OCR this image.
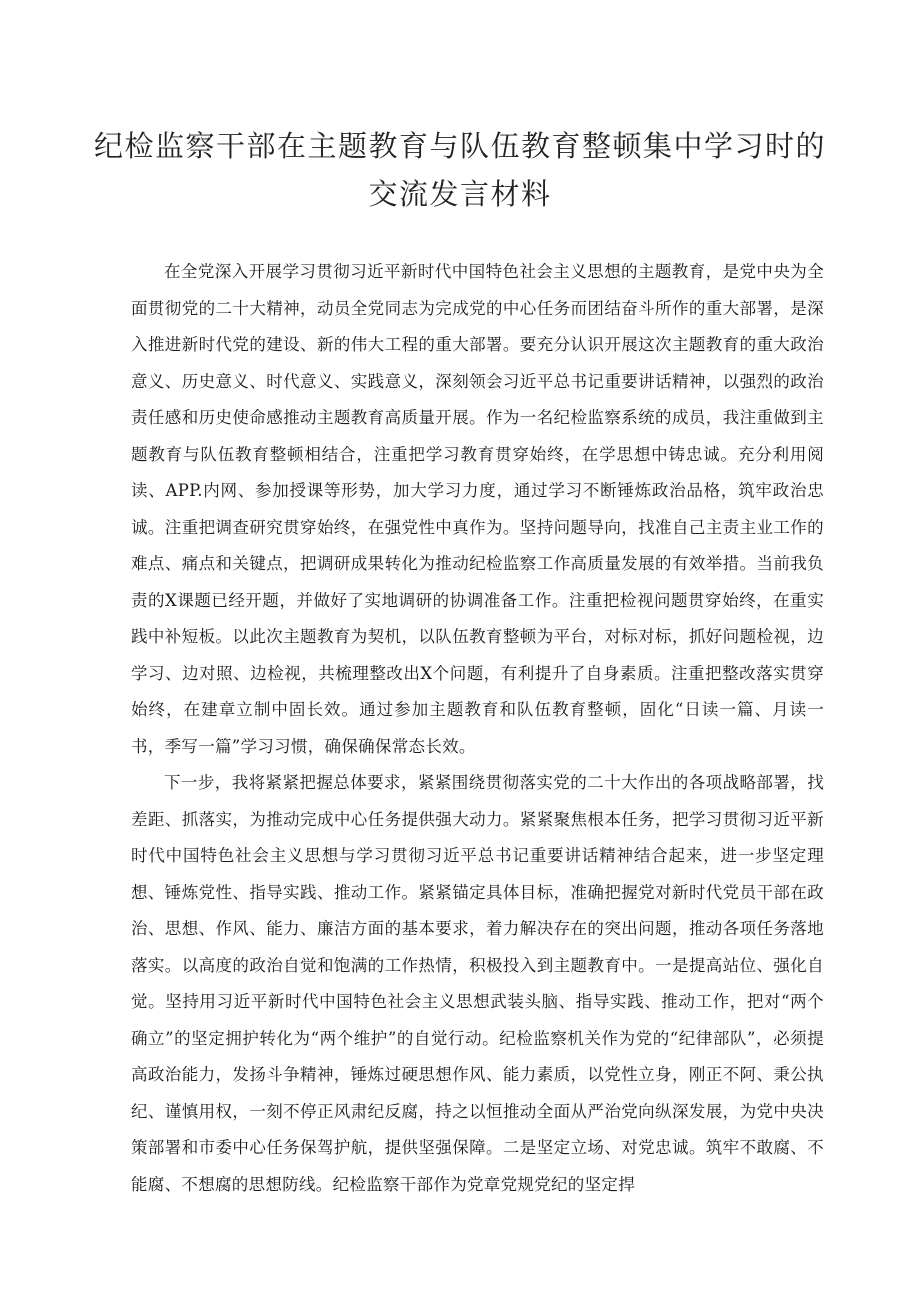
纪检监察干部在主题教育与队伍教育整顿集中学习时的
交流发言材料

在全党深入开展学习贯彻习近平新时代中国特色社会主义思想的主题教育，是党中央为全面贯彻党的二十大精神，动员全党同志为完成党的中心任务而团结奋斗所作的重大部署，是深入推进新时代党的建设、新的伟大工程的重大部署。要充分认识开展这次主题教育的重大政治意义、历史意义、时代意义、实践意义，深刻领会习近平总书记重要讲话精神，以强烈的政治责任感和历史使命感推动主题教育高质量开展。作为一名纪检监察系统的成员，我注重做到主题教育与队伍教育整顿相结合，注重把学习教育贯穿始终，在学思想中铸忠诚。充分利用阅读、APP.内网、参加授课等形势，加大学习力度，通过学习不断锤炼政治品格，筑牢政治忠诚。注重把调查研究贯穿始终，在强党性中真作为。坚持问题导向，找准自己主责主业工作的难点、痛点和关键点，把调研成果转化为推动纪检监察工作高质量发展的有效举措。当前我负责的X课题已经开题，并做好了实地调研的协调准备工作。注重把检视问题贯穿始终，在重实践中补短板。以此次主题教育为契机，以队伍教育整顿为平台，对标对标，抓好问题检视，边学习、边对照、边检视，共梳理整改出X个问题，有利提升了自身素质。注重把整改落实贯穿始终，在建章立制中固长效。通过参加主题教育和队伍教育整顿，固化“日读一篇、月读一书，季写一篇”学习习惯，确保确保常态长效。

下一步，我将紧紧把握总体要求，紧紧围绕贯彻落实党的二十大作出的各项战略部署，找差距、抓落实，为推动完成中心任务提供强大动力。紧紧聚焦根本任务，把学习贯彻习近平新时代中国特色社会主义思想与学习贯彻习近平总书记重要讲话精神结合起来，进一步坚定理想、锤炼党性、指导实践、推动工作。紧紧锚定具体目标，准确把握党对新时代党员干部在政治、思想、作风、能力、廉洁方面的基本要求，着力解决存在的突出问题，推动各项任务落地落实。以高度的政治自觉和饱满的工作热情，积极投入到主题教育中。一是提高站位、强化自觉。坚持用习近平新时代中国特色社会主义思想武装头脑、指导实践、推动工作，把对“两个确立”的坚定拥护转化为“两个维护”的自觉行动。纪检监察机关作为党的“纪律部队”，必须提高政治能力，发扬斗争精神，锤炼过硬思想作风、能力素质，以党性立身，刚正不阿、秉公执纪、谨慎用权，一刻不停正风肃纪反腐，持之以恒推动全面从严治党向纵深发展，为党中央决策部署和市委中心任务保驾护航，提供坚强保障。二是坚定立场、对党忠诚。筑牢不敢腐、不能腐、不想腐的思想防线。纪检监察干部作为党章党规党纪的坚定捍
